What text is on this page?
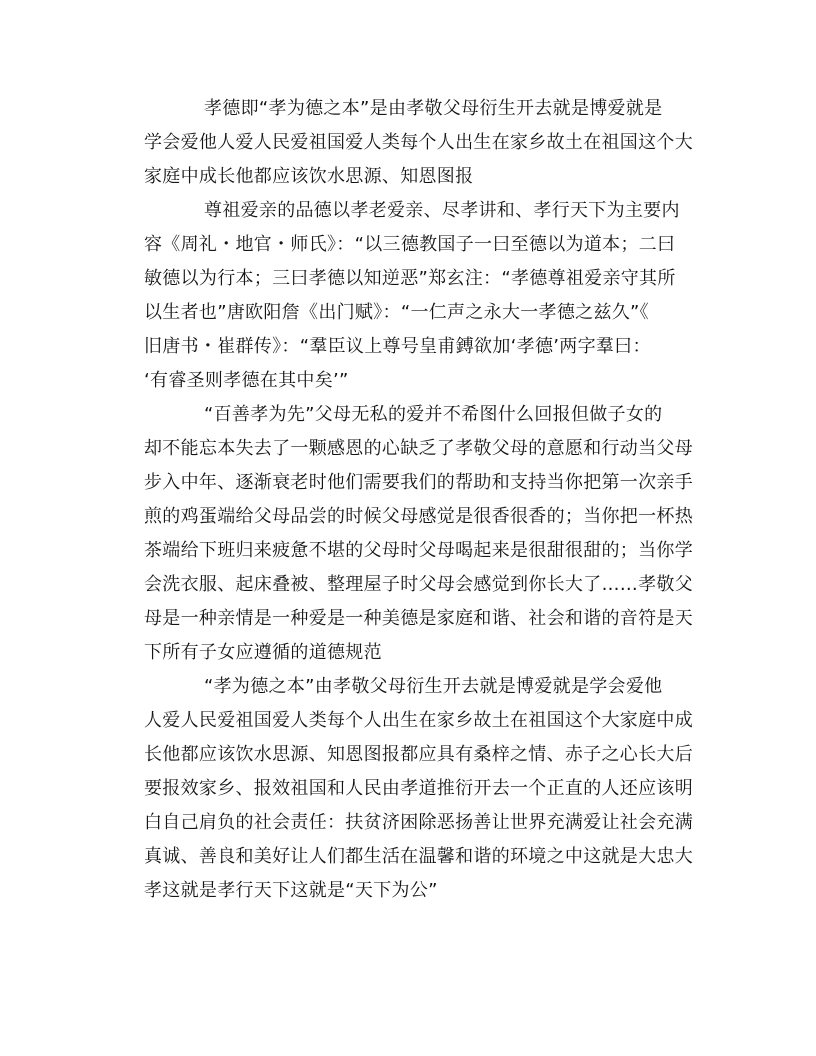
孝德即“孝为德之本”是由孝敬父母衍生开去就是博爱就是
学会爱他人爱人民爱祖国爱人类每个人出生在家乡故土在祖国这个大
家庭中成长他都应该饮水思源、知恩图报
尊祖爱亲的品德以孝老爱亲、尽孝讲和、孝行天下为主要内
容《周礼・地官・师氏》：“以三德教国子一曰至德以为道本；二曰
敏德以为行本；三曰孝德以知逆恶”郑玄注：“孝德尊祖爱亲守其所
以生者也”唐欧阳詹《出门赋》：“一仁声之永大一孝德之兹久”《
旧唐书・崔群传》：“羣臣议上尊号皇甫鎛欲加‘孝德’两字羣曰：
‘有睿圣则孝德在其中矣’”
“百善孝为先”父母无私的爱并不希图什么回报但做子女的
却不能忘本失去了一颗感恩的心缺乏了孝敬父母的意愿和行动当父母
步入中年、逐渐衰老时他们需要我们的帮助和支持当你把第一次亲手
煎的鸡蛋端给父母品尝的时候父母感觉是很香很香的；当你把一杯热
茶端给下班归来疲惫不堪的父母时父母喝起来是很甜很甜的；当你学
会洗衣服、起床叠被、整理屋子时父母会感觉到你长大了……孝敬父
母是一种亲情是一种爱是一种美德是家庭和谐、社会和谐的音符是天
下所有子女应遵循的道德规范
“孝为德之本”由孝敬父母衍生开去就是博爱就是学会爱他
人爱人民爱祖国爱人类每个人出生在家乡故土在祖国这个大家庭中成
长他都应该饮水思源、知恩图报都应具有桑梓之情、赤子之心长大后
要报效家乡、报效祖国和人民由孝道推衍开去一个正直的人还应该明
白自己肩负的社会责任：扶贫济困除恶扬善让世界充满爱让社会充满
真诚、善良和美好让人们都生活在温馨和谐的环境之中这就是大忠大
孝这就是孝行天下这就是“天下为公”
